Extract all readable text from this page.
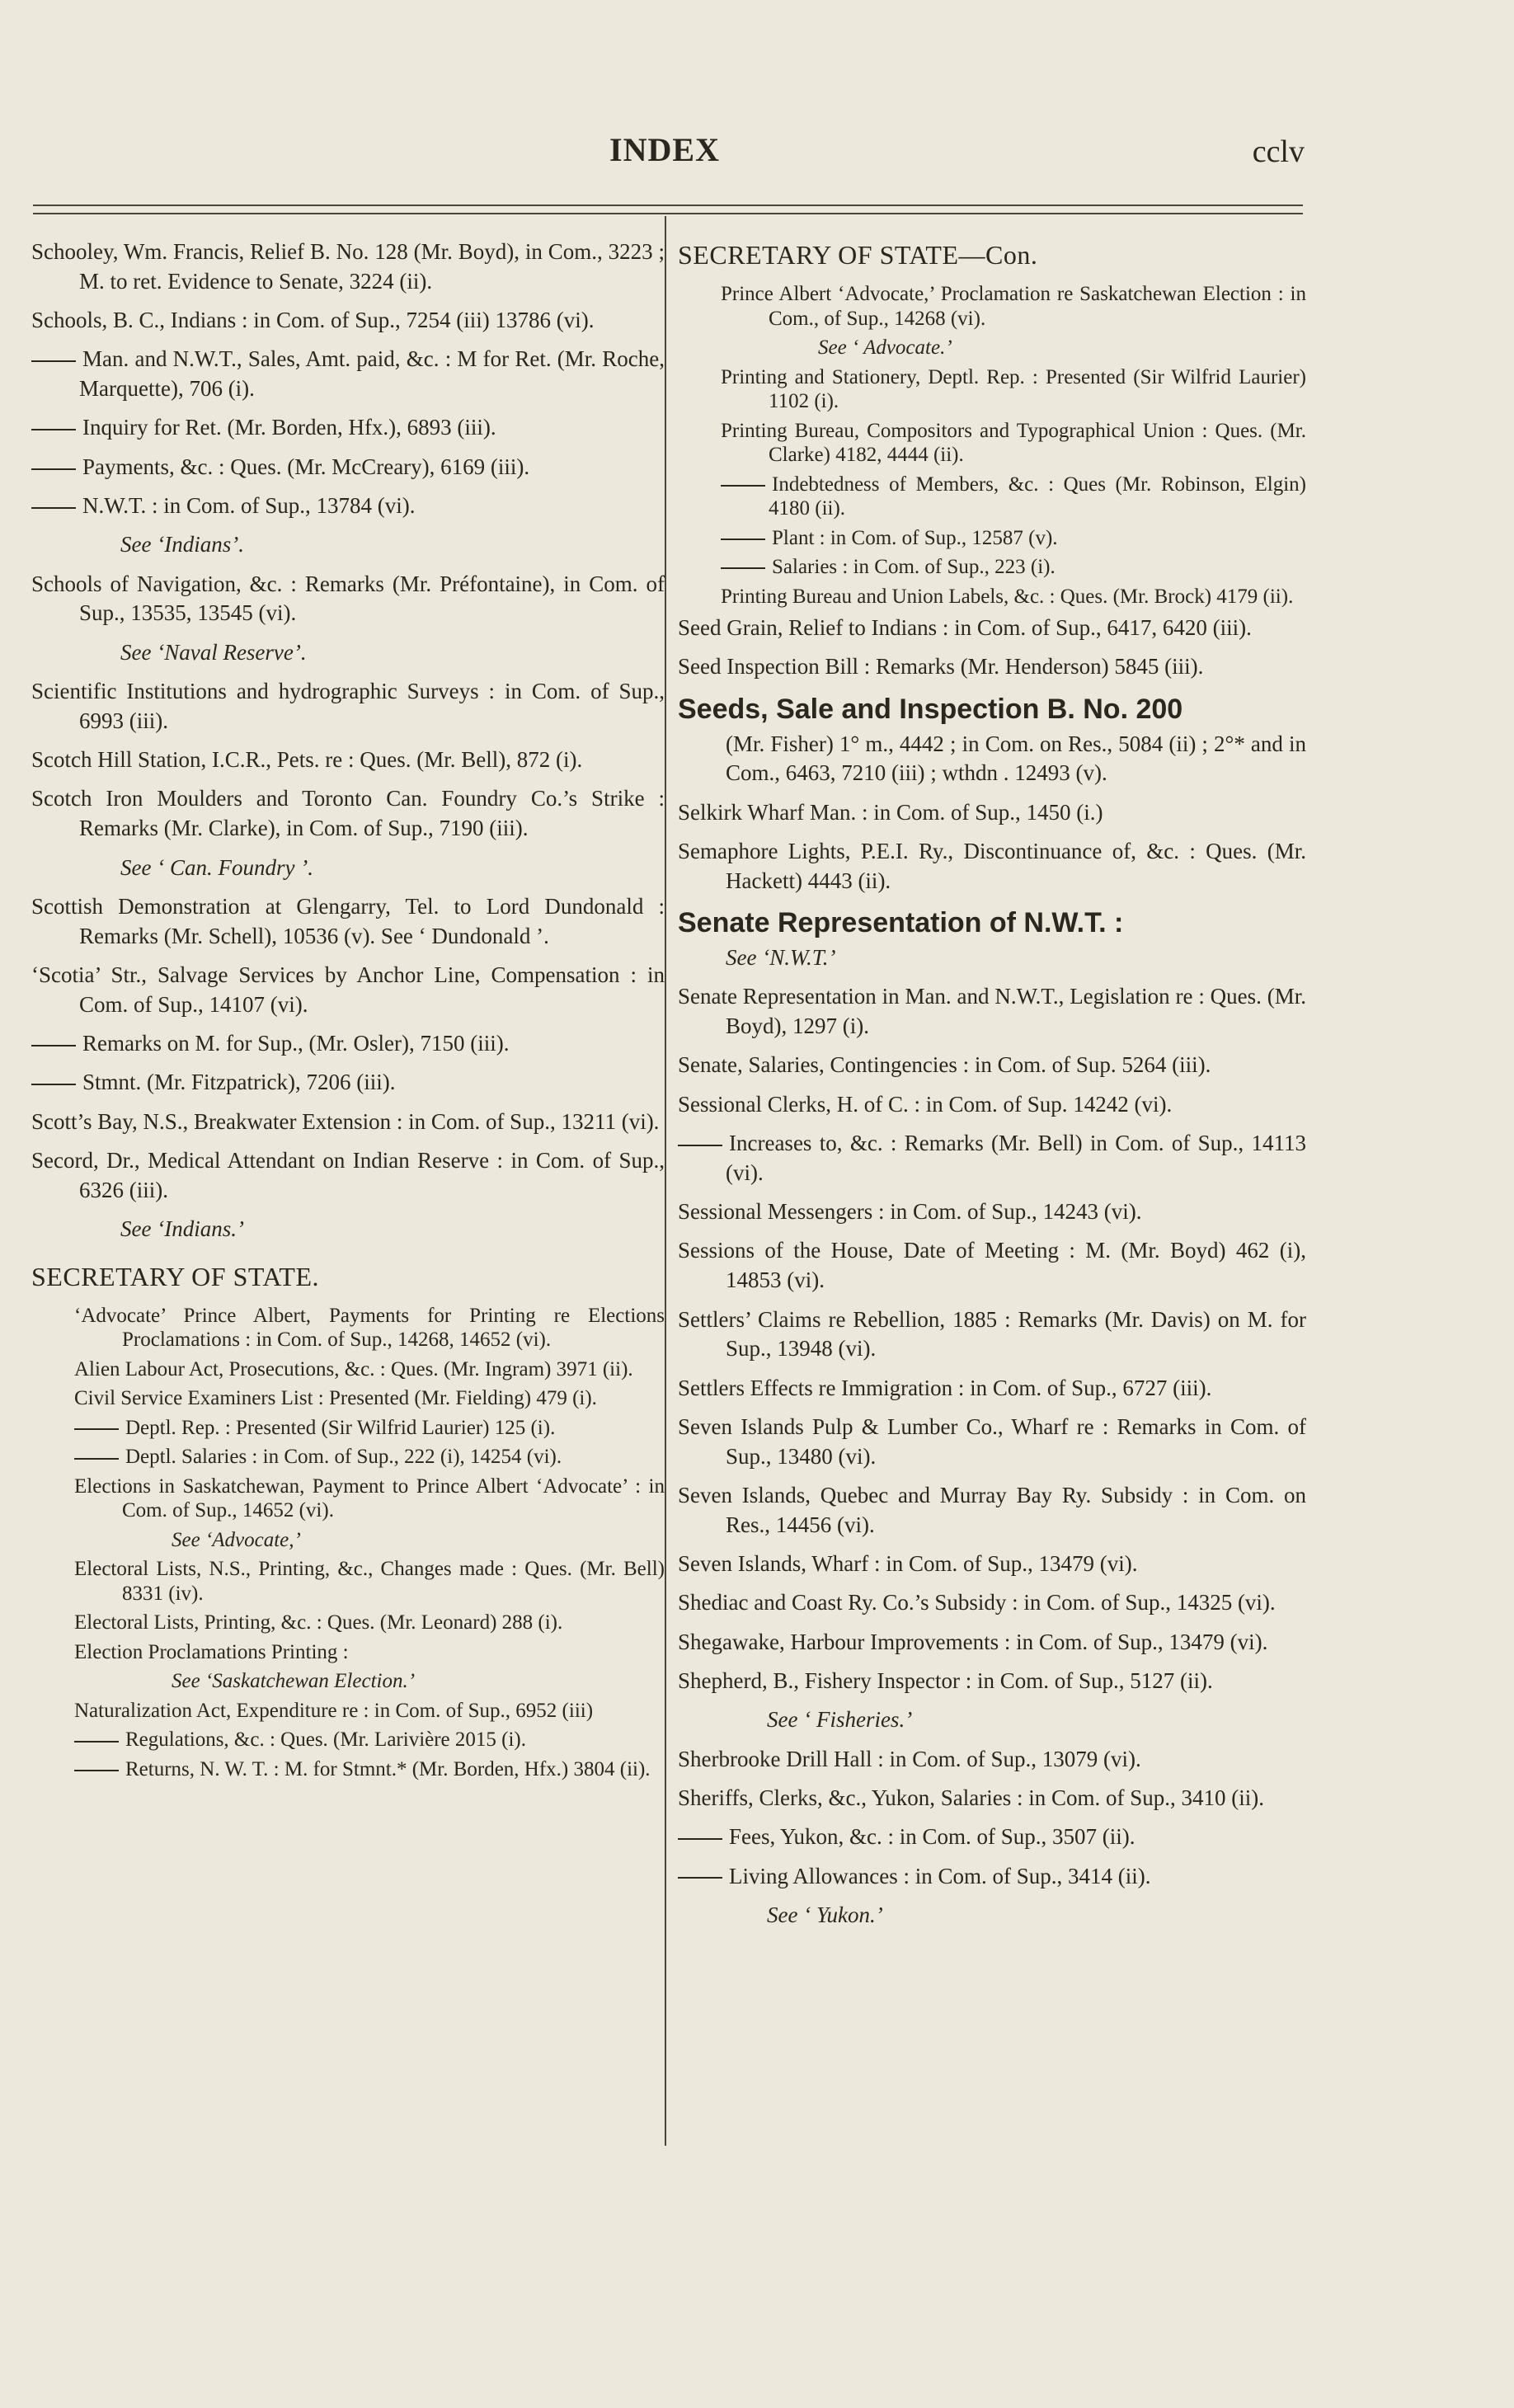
INDEX	cclv

Schooley, Wm. Francis, Relief B. No. 128 (Mr. Boyd), in Com., 3223 ; M. to ret. Evidence to Senate, 3224 (ii).

Schools, B. C., Indians : in Com. of Sup., 7254 (iii) 13786 (vi).

Man. and N.W.T., Sales, Amt. paid, &c. : M for Ret. (Mr. Roche, Marquette), 706 (i).

Inquiry for Ret. (Mr. Borden, Hfx.), 6893 (iii).

Payments, &c. : Ques. (Mr. McCreary), 6169 (iii).

N.W.T. : in Com. of Sup., 13784 (vi).

See ‘Indians’.

Schools of Navigation, &c. : Remarks (Mr. Préfontaine), in Com. of Sup., 13535, 13545 (vi).

See ‘Naval Reserve’.

Scientific Institutions and hydrographic Surveys : in Com. of Sup., 6993 (iii).

Scotch Hill Station, I.C.R., Pets. re : Ques. (Mr. Bell), 872 (i).

Scotch Iron Moulders and Toronto Can. Foundry Co.’s Strike : Remarks (Mr. Clarke), in Com. of Sup., 7190 (iii).

See ‘ Can. Foundry ’.

Scottish Demonstration at Glengarry, Tel. to Lord Dundonald : Remarks (Mr. Schell), 10536 (v). See ‘ Dundonald ’.

‘Scotia’ Str., Salvage Services by Anchor Line, Compensation : in Com. of Sup., 14107 (vi).

Remarks on M. for Sup., (Mr. Osler), 7150 (iii).

Stmnt. (Mr. Fitzpatrick), 7206 (iii).

Scott’s Bay, N.S., Breakwater Extension : in Com. of Sup., 13211 (vi).

Secord, Dr., Medical Attendant on Indian Reserve : in Com. of Sup., 6326 (iii).

See ‘Indians.’

SECRETARY OF STATE.

‘Advocate’ Prince Albert, Payments for Printing re Elections Proclamations : in Com. of Sup., 14268, 14652 (vi).

Alien Labour Act, Prosecutions, &c. : Ques. (Mr. Ingram) 3971 (ii).

Civil Service Examiners List : Presented (Mr. Fielding) 479 (i).

Deptl. Rep. : Presented (Sir Wilfrid Laurier) 125 (i).

Deptl. Salaries : in Com. of Sup., 222 (i), 14254 (vi).

Elections in Saskatchewan, Payment to Prince Albert ‘Advocate’ : in Com. of Sup., 14652 (vi).

See ‘Advocate,’

Electoral Lists, N.S., Printing, &c., Changes made : Ques. (Mr. Bell) 8331 (iv).

Electoral Lists, Printing, &c. : Ques. (Mr. Leonard) 288 (i).

Election Proclamations Printing :

See ‘Saskatchewan Election.’

Naturalization Act, Expenditure re : in Com. of Sup., 6952 (iii)

Regulations, &c. : Ques. (Mr. Larivière 2015 (i).

Returns, N. W. T. : M. for Stmnt.* (Mr. Borden, Hfx.) 3804 (ii).

SECRETARY OF STATE—Con.

Prince Albert ‘Advocate,’ Proclamation re Saskatchewan Election : in Com., of Sup., 14268 (vi).

See ‘ Advocate.’

Printing and Stationery, Deptl. Rep. : Presented (Sir Wilfrid Laurier) 1102 (i).

Printing Bureau, Compositors and Typographical Union : Ques. (Mr. Clarke) 4182, 4444 (ii).

Indebtedness of Members, &c. : Ques (Mr. Robinson, Elgin) 4180 (ii).

Plant : in Com. of Sup., 12587 (v).

Salaries : in Com. of Sup., 223 (i).

Printing Bureau and Union Labels, &c. : Ques. (Mr. Brock) 4179 (ii).

Seed Grain, Relief to Indians : in Com. of Sup., 6417, 6420 (iii).

Seed Inspection Bill : Remarks (Mr. Henderson) 5845 (iii).

Seeds, Sale and Inspection B. No. 200

(Mr. Fisher) 1° m., 4442 ; in Com. on Res., 5084 (ii) ; 2°* and in Com., 6463, 7210 (iii) ; wthdn . 12493 (v).

Selkirk Wharf Man. : in Com. of Sup., 1450 (i.)

Semaphore Lights, P.E.I. Ry., Discontinuance of, &c. : Ques. (Mr. Hackett) 4443 (ii).

Senate Representation of N.W.T. :

See ‘N.W.T.’

Senate Representation in Man. and N.W.T., Legislation re : Ques. (Mr. Boyd), 1297 (i).

Senate, Salaries, Contingencies : in Com. of Sup. 5264 (iii).

Sessional Clerks, H. of C. : in Com. of Sup. 14242 (vi).

Increases to, &c. : Remarks (Mr. Bell) in Com. of Sup., 14113 (vi).

Sessional Messengers : in Com. of Sup., 14243 (vi).

Sessions of the House, Date of Meeting : M. (Mr. Boyd) 462 (i), 14853 (vi).

Settlers’ Claims re Rebellion, 1885 : Remarks (Mr. Davis) on M. for Sup., 13948 (vi).

Settlers Effects re Immigration : in Com. of Sup., 6727 (iii).

Seven Islands Pulp & Lumber Co., Wharf re : Remarks in Com. of Sup., 13480 (vi).

Seven Islands, Quebec and Murray Bay Ry. Subsidy : in Com. on Res., 14456 (vi).

Seven Islands, Wharf : in Com. of Sup., 13479 (vi).

Shediac and Coast Ry. Co.’s Subsidy : in Com. of Sup., 14325 (vi).

Shegawake, Harbour Improvements : in Com. of Sup., 13479 (vi).

Shepherd, B., Fishery Inspector : in Com. of Sup., 5127 (ii).

See ‘ Fisheries.’

Sherbrooke Drill Hall : in Com. of Sup., 13079 (vi).

Sheriffs, Clerks, &c., Yukon, Salaries : in Com. of Sup., 3410 (ii).

Fees, Yukon, &c. : in Com. of Sup., 3507 (ii).

Living Allowances : in Com. of Sup., 3414 (ii).

See ‘ Yukon.’
